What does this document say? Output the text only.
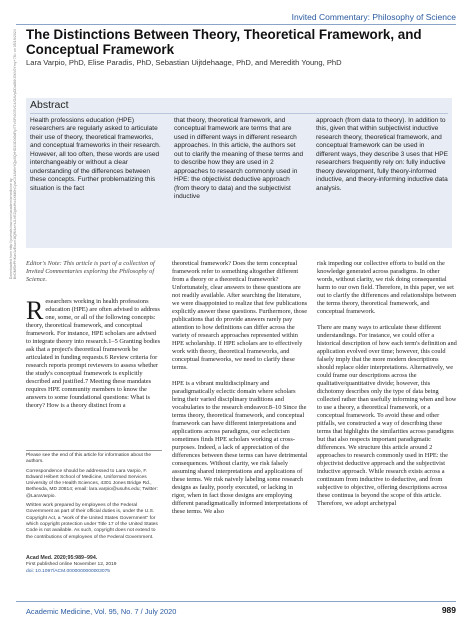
Invited Commentary: Philosophy of Science
Downloaded from http://journals.lww.com/academicmedicine by BhDMf5ePHKav1zEoum1tQfN4a+kJLhEZgbsIHo4XMi0hCywCX1AWnYQp/IlQrHD3i3D0OdRyi7TvSFl4Cf3VC4/OAVpDDa8KKGKV0Ymy+78= on 05/19/2024 The Distinctions Between Theory, Theoretical Framework, and Conceptual Framework
Lara Varpio, PhD, Elise Paradis, PhD, Sebastian Uijtdehaage, PhD, and Meredith Young, PhD
Abstract
Health professions education (HPE) researchers are regularly asked to articulate their use of theory, theoretical frameworks, and conceptual frameworks in their research. However, all too often, these words are used interchangeably or without a clear understanding of the differences between these concepts. Further problematizing this situation is the fact
that theory, theoretical framework, and conceptual framework are terms that are used in different ways in different research approaches. In this article, the authors set out to clarify the meaning of these terms and to describe how they are used in 2 approaches to research commonly used in HPE: the objectivist deductive approach (from theory to data) and the subjectivist inductive
approach (from data to theory). In addition to this, given that within subjectivist inductive research theory, theoretical framework, and conceptual framework can be used in different ways, they describe 3 uses that HPE researchers frequently rely on: fully inductive theory development, fully theory-informed inductive, and theory-informing inductive data analysis.
Editor's Note: This article is part of a collection of Invited Commentaries exploring the Philosophy of Science.
Researchers working in health professions education (HPE) are often advised to address one, some, or all of the following concepts: theory, theoretical framework, and conceptual framework. For instance, HPE scholars are advised to integrate theory into research.1–5 Granting bodies ask that a project's theoretical framework be articulated in funding requests.6 Review criteria for research reports prompt reviewers to assess whether the study's conceptual framework is explicitly described and justified.7 Meeting these mandates requires HPE community members to know the answers to some foundational questions: What is theory? How is a theory distinct from a

theoretical framework? Does the term conceptual framework refer to something altogether different from a theory or a theoretical framework? Unfortunately, clear answers to these questions are not readily available. After searching the literature, we were disappointed to realize that few publications explicitly answer these questions. Furthermore, those publications that do provide answers rarely pay attention to how definitions can differ across the variety of research approaches represented within HPE scholarship. If HPE scholars are to effectively work with theory, theoretical frameworks, and conceptual frameworks, we need to clarify these terms.

HPE is a vibrant multidisciplinary and paradigmatically eclectic domain where scholars bring their varied disciplinary traditions and vocabularies to the research endeavor.8–10 Since the terms theory, theoretical framework, and conceptual framework can have different interpretations and applications across paradigms, our eclecticism sometimes finds HPE scholars working at cross-purposes. Indeed, a lack of appreciation of the differences between these terms can have detrimental consequences. Without clarity, we risk falsely assuming shared interpretations and applications of these terms. We risk naively labeling some research designs as faulty, poorly executed, or lacking in rigor, when in fact those designs are employing different paradigmatically informed interpretations of these terms. We also

risk impeding our collective efforts to build on the knowledge generated across paradigms. In other words, without clarity, we risk doing consequential harm to our own field. Therefore, in this paper, we set out to clarify the differences and relationships between the terms theory, theoretical framework, and conceptual framework.

There are many ways to articulate these different understandings. For instance, we could offer a historical description of how each term's definition and application evolved over time; however, this could falsely imply that the more modern descriptions should replace older interpretations. Alternatively, we could frame our descriptions across the qualitative/quantitative divide; however, this dichotomy describes only the type of data being collected rather than usefully informing when and how to use a theory, a theoretical framework, or a conceptual framework. To avoid these and other pitfalls, we constructed a way of describing these terms that highlights the similarities across paradigms but that also respects important paradigmatic differences. We structure this article around 2 approaches to research commonly used in HPE: the objectivist deductive approach and the subjectivist inductive approach. While research exists across a continuum from inductive to deductive, and from subjective to objective, offering descriptions across these continua is beyond the scope of this article. Therefore, we adopt archetypal

Please see the end of this article for information about the authors.

Correspondence should be addressed to Lara Varpio, F. Edward Hébert School of Medicine, Uniformed Services University of the Health Sciences, 4301 Jones Bridge Rd., Bethesda, MD 20814; email: lara.varpio@usuhs.edu; Twitter: @LaraVarpio.

Written work prepared by employees of the Federal Government as part of their official duties is, under the U.S. Copyright Act, a "work of the United States Government" for which copyright protection under Title 17 of the United States Code is not available. As such, copyright does not extend to the contributions of employees of the Federal Government.

Acad Med. 2020;95:989–994.
First published online November 12, 2019
doi: 10.1097/ACM.0000000000003075
Academic Medicine, Vol. 95, No. 7 / July 2020	989
